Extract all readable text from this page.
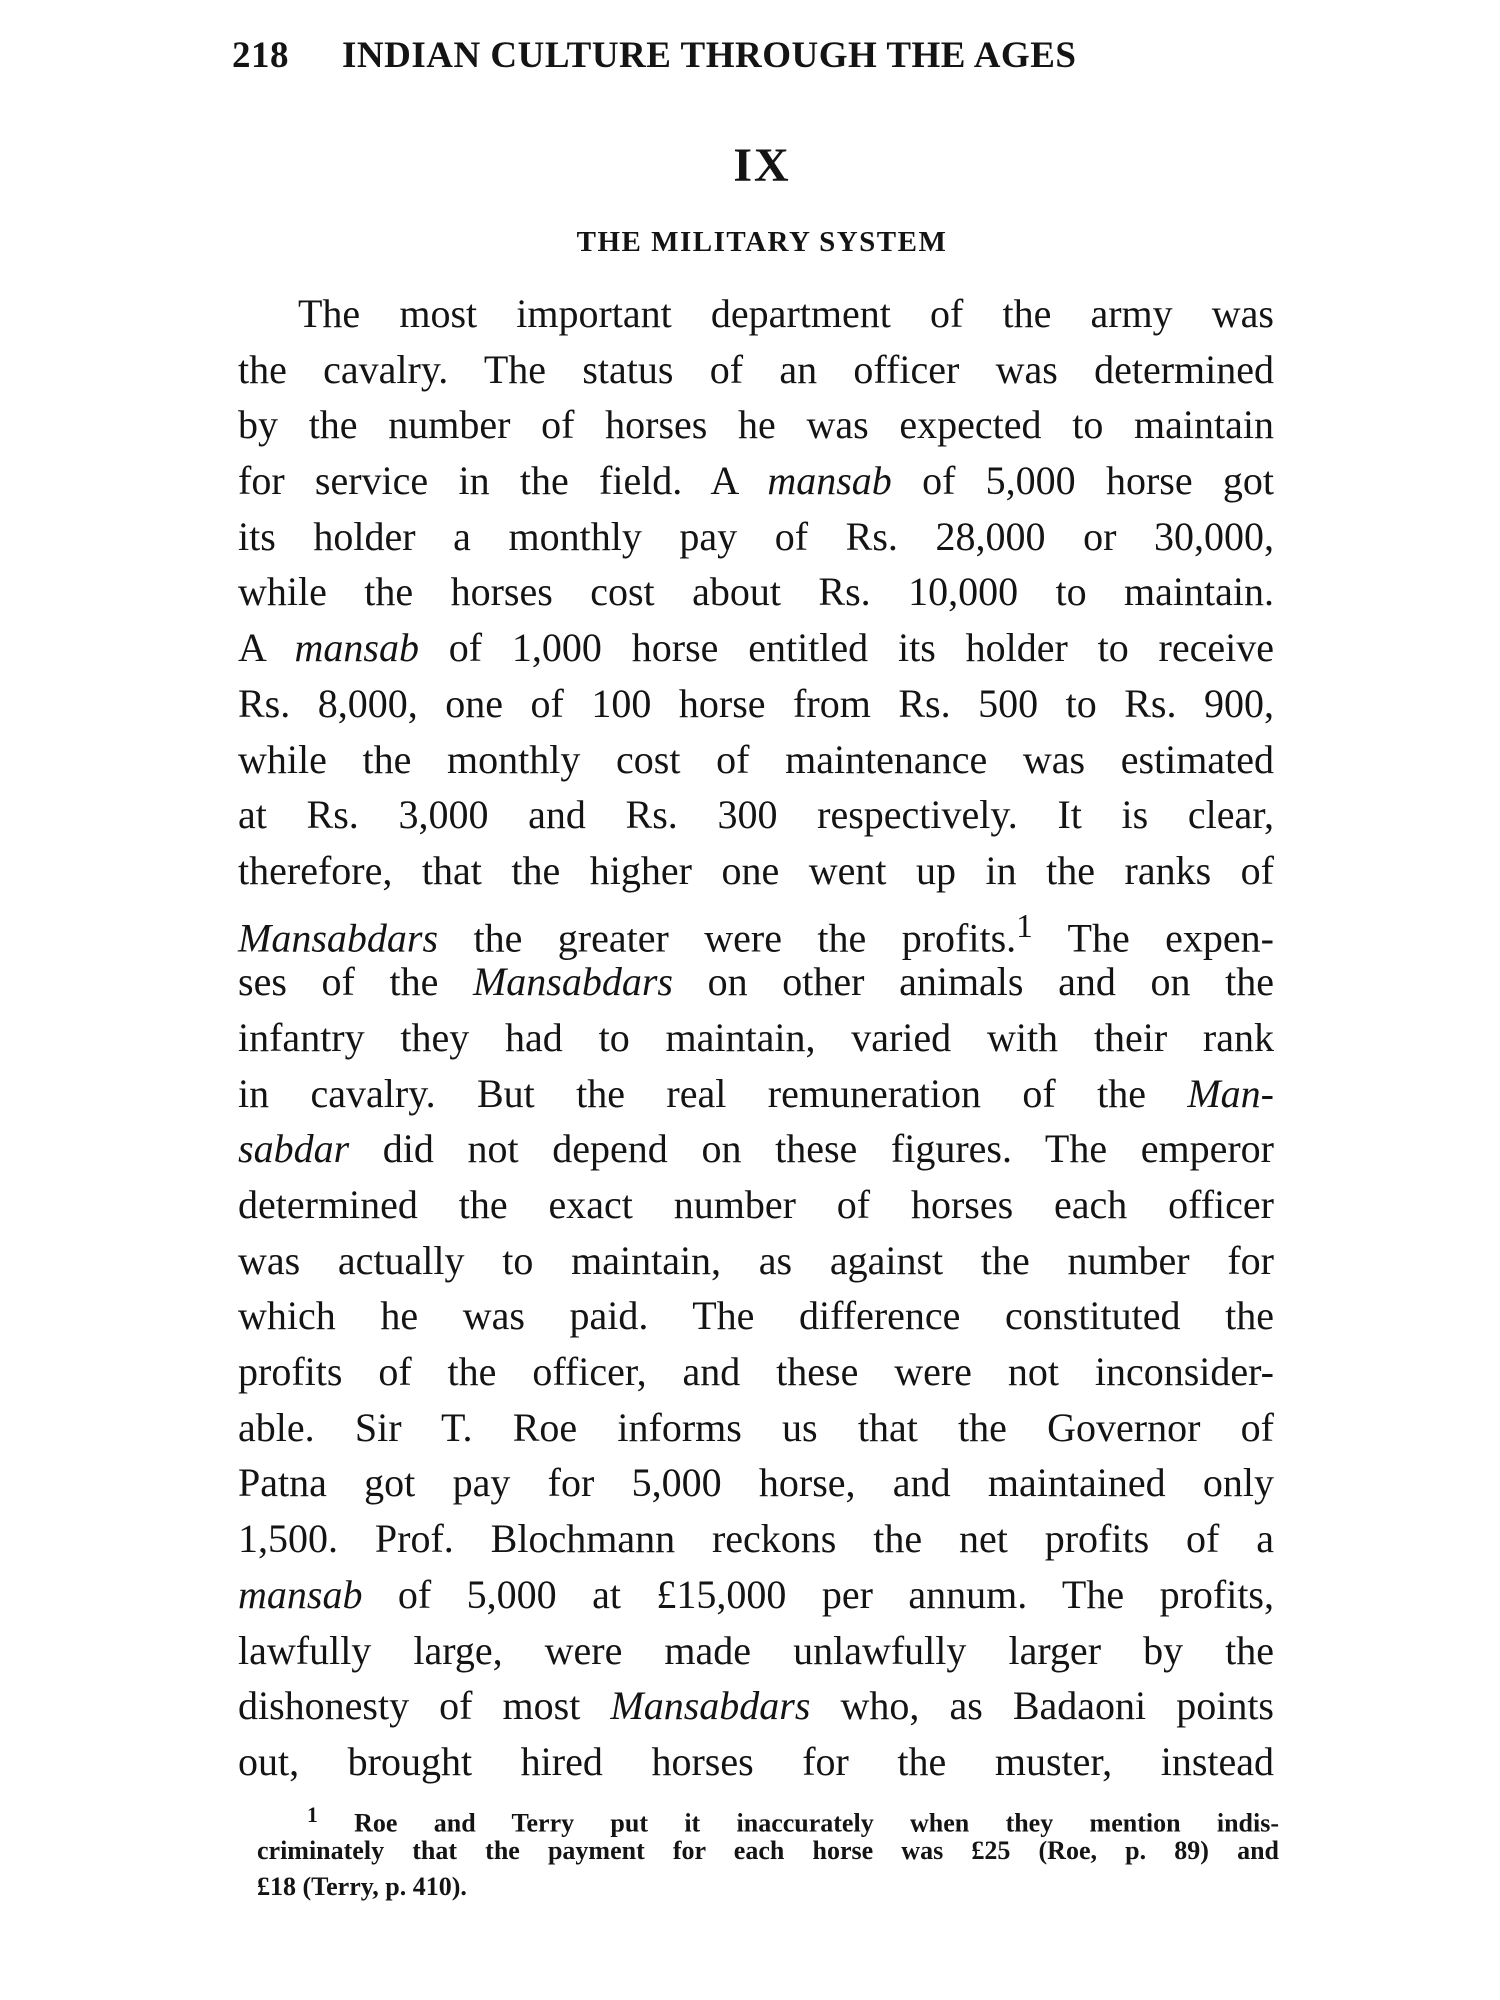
218 INDIAN CULTURE THROUGH THE AGES
IX
THE MILITARY SYSTEM
The most important department of the army was
the cavalry. The status of an officer was determined
by the number of horses he was expected to maintain
for service in the field. A mansab of 5,000 horse got
its holder a monthly pay of Rs. 28,000 or 30,000,
while the horses cost about Rs. 10,000 to maintain.
A mansab of 1,000 horse entitled its holder to receive
Rs. 8,000, one of 100 horse from Rs. 500 to Rs. 900,
while the monthly cost of maintenance was estimated
at Rs. 3,000 and Rs. 300 respectively. It is clear,
therefore, that the higher one went up in the ranks of
Mansabdars the greater were the profits.$^1$ The expen-
ses of the Mansabdars on other animals and on the
infantry they had to maintain, varied with their rank
in cavalry. But the real remuneration of the Man-
sabdar did not depend on these figures. The emperor
determined the exact number of horses each officer
was actually to maintain, as against the number for
which he was paid. The difference constituted the
profits of the officer, and these were not inconsider-
able. Sir T. Roe informs us that the Governor of
Patna got pay for 5,000 horse, and maintained only
1,500. Prof. Blochmann reckons the net profits of a
mansab of 5,000 at £15,000 per annum. The profits,
lawfully large, were made unlawfully larger by the
dishonesty of most Mansabdars who, as Badaoni points
out, brought hired horses for the muster, instead
$^1$ Roe and Terry put it inaccurately when they mention indis-
criminately that the payment for each horse was £25 (Roe, p. 89) and
£18 (Terry, p. 410).
